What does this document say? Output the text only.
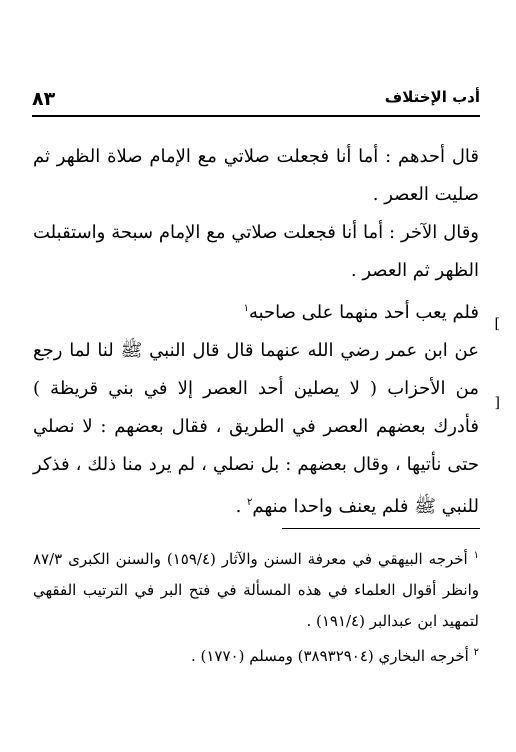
٨٣	أدب الإختلاف
[
]

قال أحدهم : أما أنا فجعلت صلاتي مع الإمام صلاة الظهر ثم صليت العصر .

وقال الآخر : أما أنا فجعلت صلاتي مع الإمام سبحة واستقبلت الظهر ثم العصر .

فلم يعب أحد منهما على صاحبه$^١$

عن ابن عمر رضي الله عنهما قال قال النبي ﷺ لنا لما رجع من الأحزاب ( لا يصلين أحد العصر إلا في بني قريظة ) فأدرك بعضهم العصر في الطريق ، فقال بعضهم : لا نصلي حتى نأتيها ، وقال بعضهم : بل نصلي ، لم يرد منا ذلك ، فذكر للنبي ﷺ فلم يعنف واحدا منهم$^٢$ .

$^١$ أخرجه البيهقي في معرفة السنن والآثار (١٥٩/٤) والسنن الكبرى ٨٧/٣ وانظر أقوال العلماء في هذه المسألة في فتح البر في الترتيب الفقهي لتمهيد ابن عبدالبر (١٩١/٤) .

$^٢$ أخرجه البخاري (٣٨٩٣٢٩٠٤) ومسلم (١٧٧٠) .
